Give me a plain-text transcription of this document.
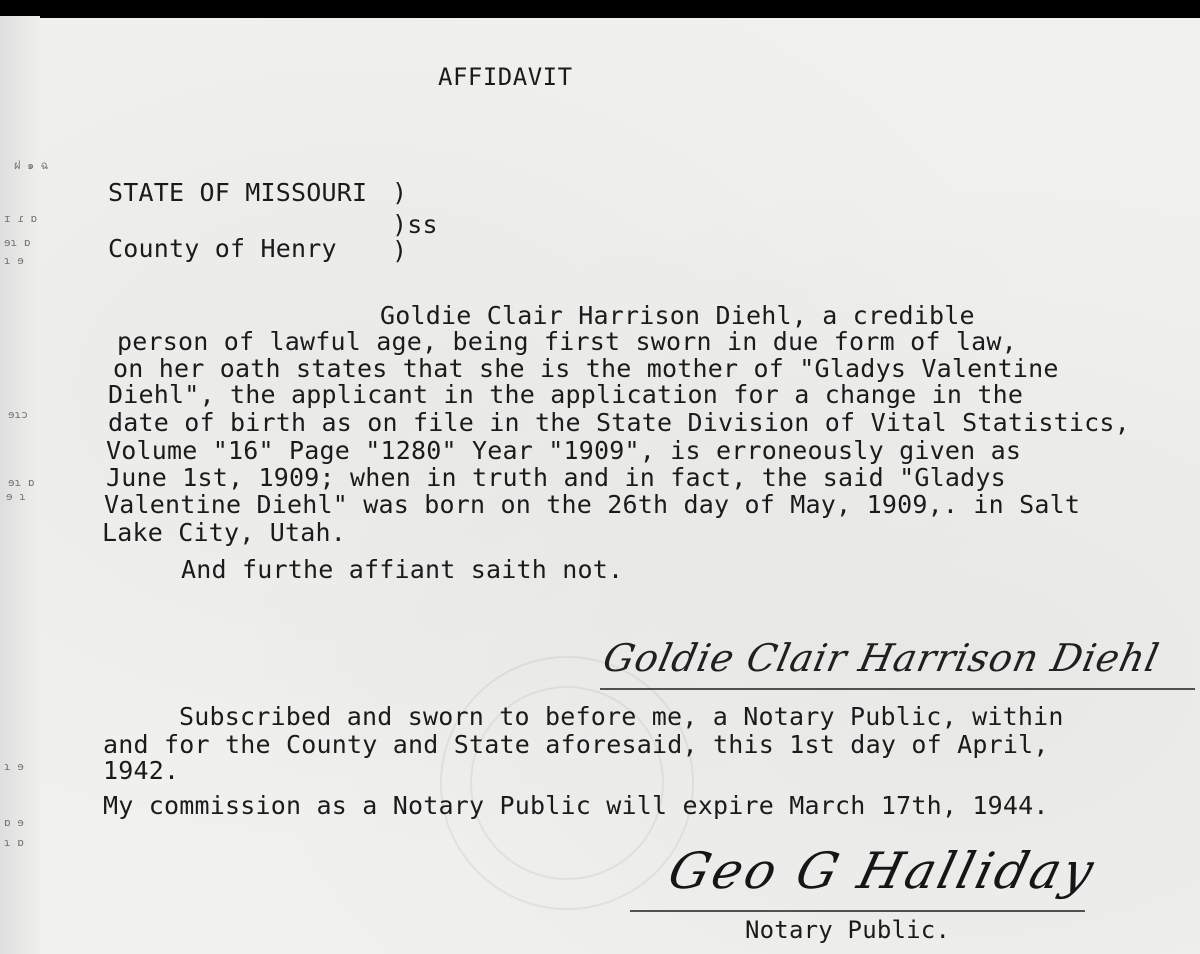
ฝ ๑ ฉ
ɪ ɾ ɒ
ɘɿ ɒ
ɿ ɘ
ɘɿɔ
ɘɿ ɒ
ɘ ɿ
ɿ ɘ
ɒ ɘ
ɿ ɒ
AFFIDAVIT
STATE OF MISSOURI )
)ss
County of Henry )
Goldie Clair Harrison Diehl, a credible
person of lawful age, being first sworn in due form of law,
on her oath states that she is the mother of "Gladys Valentine
Diehl", the applicant in the application for a change in the
date of birth as on file in the State Division of Vital Statistics,
Volume "16" Page "1280" Year "1909", is erroneously given as
June 1st, 1909; when in truth and in fact, the said "Gladys
Valentine Diehl" was born on the 26th day of May, 1909,. in Salt
Lake City, Utah.
And furthe affiant saith not.
Goldie Clair Harrison Diehl
Subscribed and sworn to before me, a Notary Public, within
and for the County and State aforesaid, this 1st day of April,
1942.
My commission as a Notary Public will expire March 17th, 1944.
Geo G Halliday
Notary Public.
